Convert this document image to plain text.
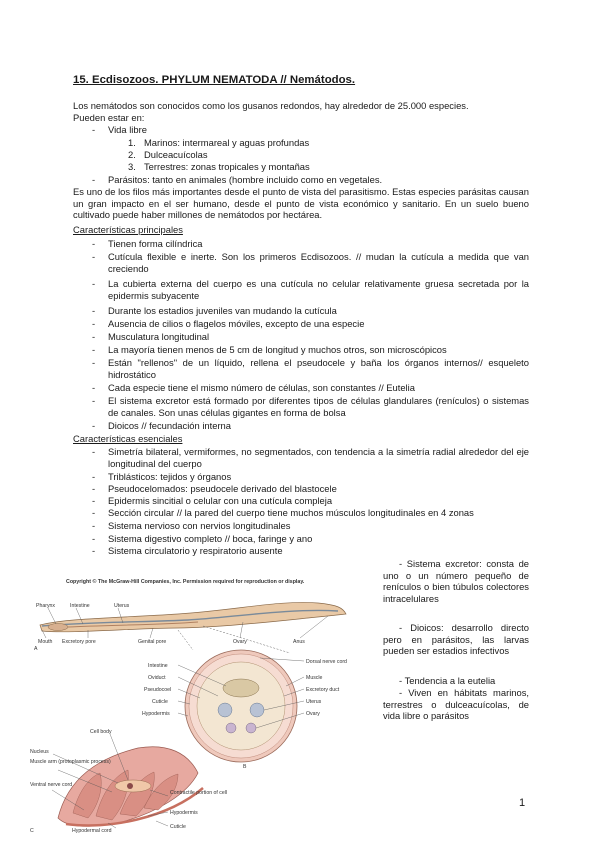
15. Ecdisozoos. PHYLUM NEMATODA // Nemátodos.
Los nemátodos son conocidos como los gusanos redondos, hay alrededor de 25.000 especies.
Pueden estar en:
- Vida libre
1. Marinos: intermareal y aguas profundas
2. Dulceacuícolas
3. Terrestres: zonas tropicales y montañas
- Parásitos: tanto en animales (hombre incluido como en vegetales.
Es uno de los filos más importantes desde el punto de vista del parasitismo. Estas especies parásitas causan un gran impacto en el ser humano, desde el punto de vista económico y sanitario. En un suelo bueno cultivado puede haber millones de nemátodos por hectárea.
Características principales
- Tienen forma cilíndrica
- Cutícula flexible e inerte. Son los primeros Ecdisozoos. // mudan la cutícula a medida que van creciendo
- La cubierta externa del cuerpo es una cutícula no celular relativamente gruesa secretada por la epidermis subyacente
- Durante los estadios juveniles van mudando la cutícula
- Ausencia de cilios o flagelos móviles, excepto de una especie
- Musculatura longitudinal
- La mayoría tienen menos de 5 cm de longitud y muchos otros, son microscópicos
- Están "rellenos" de un líquido, rellena el pseudocele y baña los órganos internos// esqueleto hidrostático
- Cada especie tiene el mismo número de células, son constantes // Eutelia
- El sistema excretor está formado por diferentes tipos de células glandulares (renículos) o sistemas de canales. Son unas células gigantes en forma de bolsa
- Dioicos // fecundación interna
Características esenciales
- Simetría bilateral, vermiformes, no segmentados, con tendencia a la simetría radial alrededor del eje longitudinal del cuerpo
- Triblásticos: tejidos y órganos
- Pseudocelomados: pseudocele derivado del blastocele
- Epidermis sincitial o celular con una cutícula compleja
- Sección circular // la pared del cuerpo tiene muchos músculos longitudinales en 4 zonas
- Sistema nervioso con nervios longitudinales
- Sistema digestivo completo // boca, faringe y ano
- Sistema circulatorio y respiratorio ausente
- Sistema excretor: consta de uno o un número pequeño de renículos o bien túbulos colectores intracelulares
- Dioicos: desarrollo directo pero en parásitos, las larvas pueden ser estadios infectivos
- Tendencia a la eutelia
- Viven en hábitats marinos, terrestres o dulceacuícolas, de vida libre o parásitos
Copyright © The McGraw-Hill Companies, Inc. Permission required for reproduction or display.
Pharynx	Intestine	Uterus
Mouth Excretory pore	Genital pore	Ovary	Anus
A
Intestine
Oviduct
Pseudocoel
Cuticle
Hypodermis
Dorsal nerve cord
Muscle
Excretory duct
Uterus
Ovary
B
Nucleus
Muscle arm (protoplasmic process)
Ventral nerve cord
Cell body
Contractile portion of cell
Hypodermis
Hypodermal cord
Cuticle
C
1
